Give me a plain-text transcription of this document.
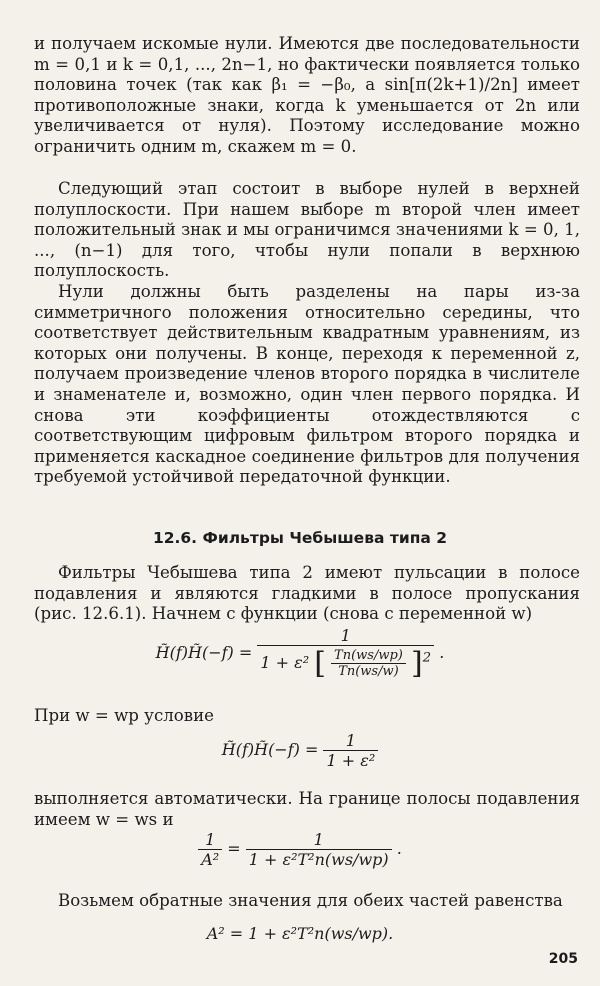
и получаем искомые нули. Имеются две последовательности m = 0,1 и k = 0,1, ..., 2n−1, но фактически появляется только половина точек (так как β₁ = −β₀, a sin[π(2k+1)/2n] имеет противоположные знаки, когда k уменьшается от 2n или увеличивается от нуля). Поэтому исследование можно ограничить одним m, скажем m = 0.

Следующий этап состоит в выборе нулей в верхней полуплоскости. При нашем выборе m второй член имеет положительный знак и мы ограничимся значениями k = 0, 1, ..., (n−1) для того, чтобы нули попали в верхнюю полуплоскость.

Нули должны быть разделены на пары из-за симметричного положения относительно середины, что соответствует действительным квадратным уравнениям, из которых они получены. В конце, переходя к переменной z, получаем произведение членов второго порядка в числителе и знаменателе и, возможно, один член первого порядка. И снова эти коэффициенты отождествляются с соответствующим цифровым фильтром второго порядка и применяется каскадное соединение фильтров для получения требуемой устойчивой передаточной функции.

12.6. Фильтры Чебышева типа 2

Фильтры Чебышева типа 2 имеют пульсации в полосе подавления и являются гладкими в полосе пропускания (рис. 12.6.1). Начнем с функции (снова с переменной w)

H̃(f)H̃(−f) =
1
1 + ε² [ $\frac{Tn(ws/wp)}{Tn(ws/w)} ]^2$ .

При w = wp условие

H̃(f)H̃(−f) = $\frac{1}{\text{1 + ε²}}$

выполняется автоматически. На границе полосы подавления имеем w = ws и

$\frac{1}{\text{A²}} = \frac{1}{\text{1 + ε²T²n(ws/wp)}}$ .

Возьмем обратные значения для обеих частей равенства

A² = 1 + ε²T²n(ws/wp).
205
